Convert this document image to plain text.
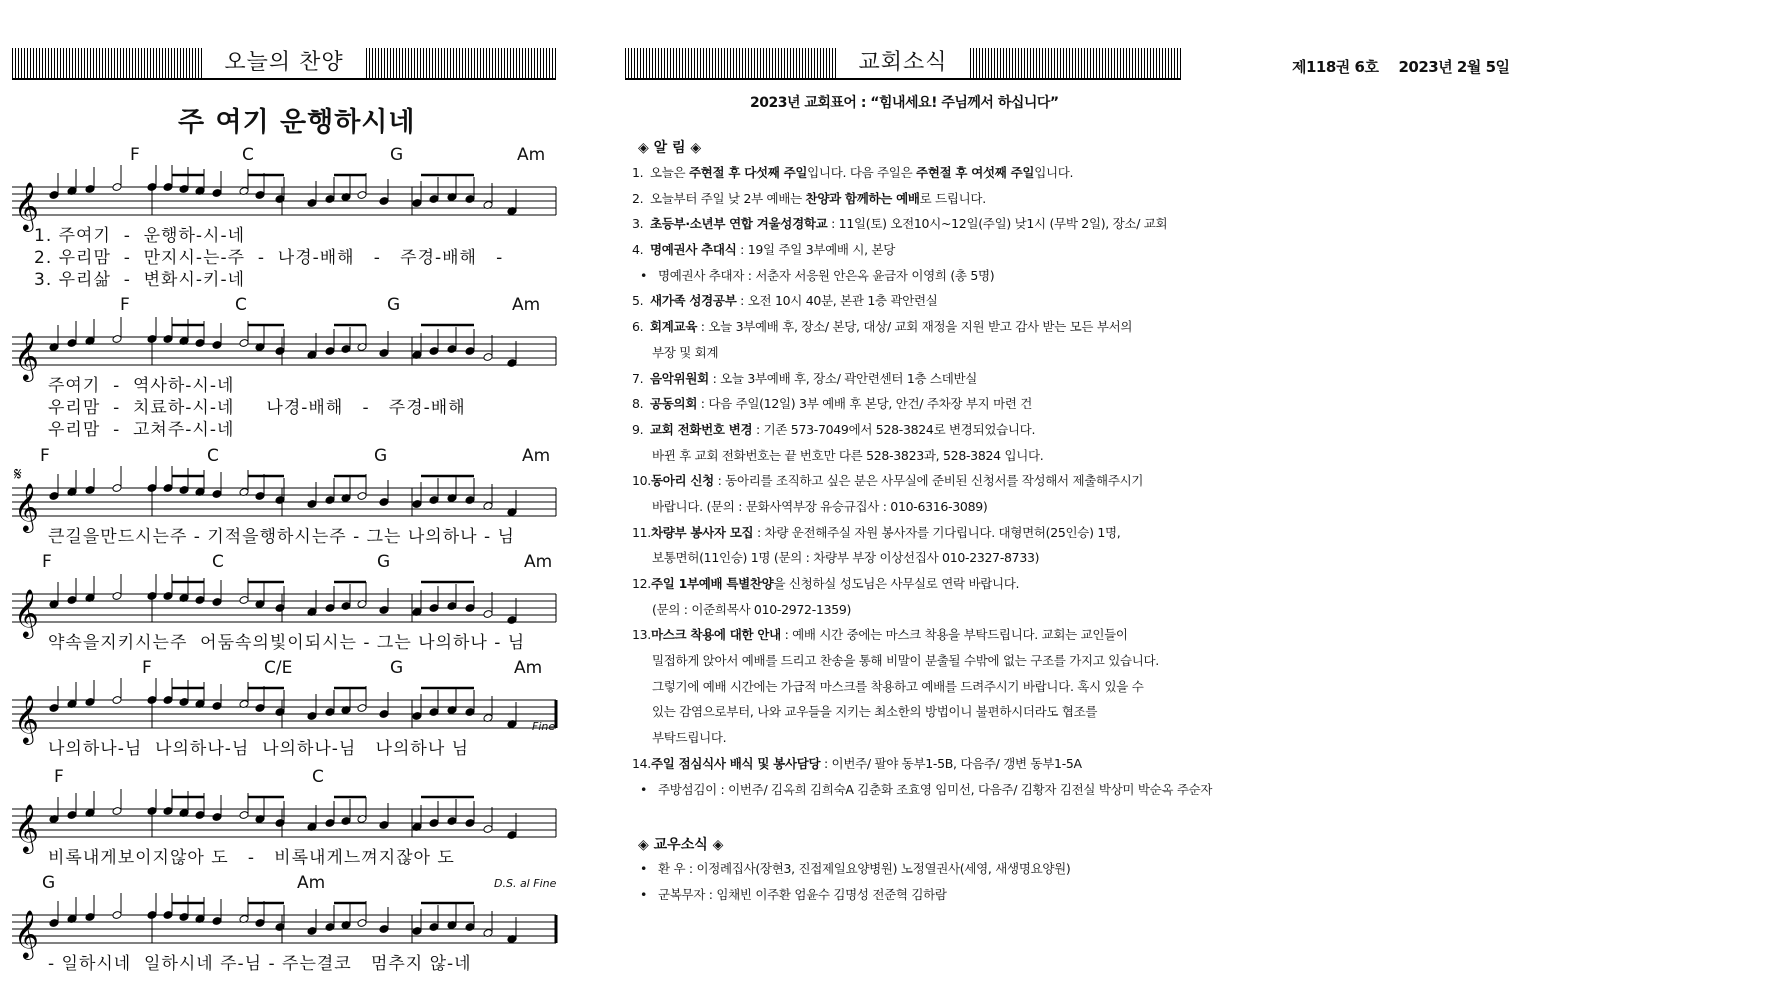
오늘의 찬양	교회소식	제118권 6호 2023년 2월 5일
주 여기 운행하시네
F	C	G	Am
𝄞
1. 주여기  -  운행하-시-네
2. 우리맘  -  만지시-는-주  -  나경-배해   -   주경-배해   -
3. 우리삶  -  변화시-키-네
F	C	G	Am
𝄞
주여기  -  역사하-시-네
우리맘  -  치료하-시-네     나경-배해   -   주경-배해
우리맘  -  고쳐주-시-네
F	C	G	Am
𝄞
𝄋
큰길을만드시는주 - 기적을행하시는주 - 그는 나의하나 - 님
F	C	G	Am
𝄞
약속을지키시는주  어둠속의빛이되시는 - 그는 나의하나 - 님
F	C/E	G	Am
𝄞
나의하나-님  나의하나-님  나의하나-님   나의하나 님
Fine
F	C
𝄞
비록내게보이지않아 도   -   비록내게느껴지잖아 도
G	Am
𝄞
- 일하시네  일하시네 주-님 - 주는결코   멈추지 않-네
D.S. al Fine
2023년 교회표어 : “힘내세요! 주님께서 하십니다”
◈ 알 림 ◈
1. 오늘은 주현절 후 다섯째 주일입니다. 다음 주일은 주현절 후 여섯째 주일입니다.
2. 오늘부터 주일 낮 2부 예배는 찬양과 함께하는 예배로 드립니다.
3. 초등부·소년부 연합 겨울성경학교 : 11일(토) 오전10시~12일(주일) 낮1시 (무박 2일), 장소/ 교회
4. 명예권사 추대식 : 19일 주일 3부예배 시, 본당
• 명예권사 추대자 : 서춘자 서응원 안은옥 윤금자 이영희 (총 5명)
5. 새가족 성경공부 : 오전 10시 40분, 본관 1층 곽안련실
6. 회계교육 : 오늘 3부예배 후, 장소/ 본당, 대상/ 교회 재정을 지원 받고 감사 받는 모든 부서의
부장 및 회계
7. 음악위원회 : 오늘 3부예배 후, 장소/ 곽안련센터 1층 스데반실
8. 공동의회 : 다음 주일(12일) 3부 예배 후 본당, 안건/ 주차장 부지 마련 건
9. 교회 전화번호 변경 : 기존 573-7049에서 528-3824로 변경되었습니다.
바뀐 후 교회 전화번호는 끝 번호만 다른 528-3823과, 528-3824 입니다.
10.동아리 신청 : 동아리를 조직하고 싶은 분은 사무실에 준비된 신청서를 작성해서 제출해주시기
바랍니다. (문의 : 문화사역부장 유승규집사 : 010-6316-3089)
11.차량부 봉사자 모집 : 차량 운전해주실 자원 봉사자를 기다립니다. 대형면허(25인승) 1명,
보통면허(11인승) 1명 (문의 : 차량부 부장 이상선집사 010-2327-8733)
12.주일 1부예배 특별찬양을 신청하실 성도님은 사무실로 연락 바랍니다.
(문의 : 이준희목사 010-2972-1359)
13.마스크 착용에 대한 안내 : 예배 시간 중에는 마스크 착용을 부탁드립니다. 교회는 교인들이
밀접하게 앉아서 예배를 드리고 찬송을 통해 비말이 분출될 수밖에 없는 구조를 가지고 있습니다.
그렇기에 예배 시간에는 가급적 마스크를 착용하고 예배를 드려주시기 바랍니다. 혹시 있을 수
있는 감염으로부터, 나와 교우들을 지키는 최소한의 방법이니 불편하시더라도 협조를
부탁드립니다.
14.주일 점심식사 배식 및 봉사담당 : 이번주/ 팔야 동부1-5B, 다음주/ 갱변 동부1-5A
• 주방섬김이 : 이번주/ 김옥희 김희숙A 김춘화 조효영 임미선, 다음주/ 김황자 김전실 박상미 박순옥 주순자
◈ 교우소식 ◈
• 환 우 : 이정례집사(장현3, 진접제일요양병원) 노정열권사(세영, 새생명요양원)
• 군복무자 : 임채빈 이주환 엄윤수 김명성 전준혁 김하람
